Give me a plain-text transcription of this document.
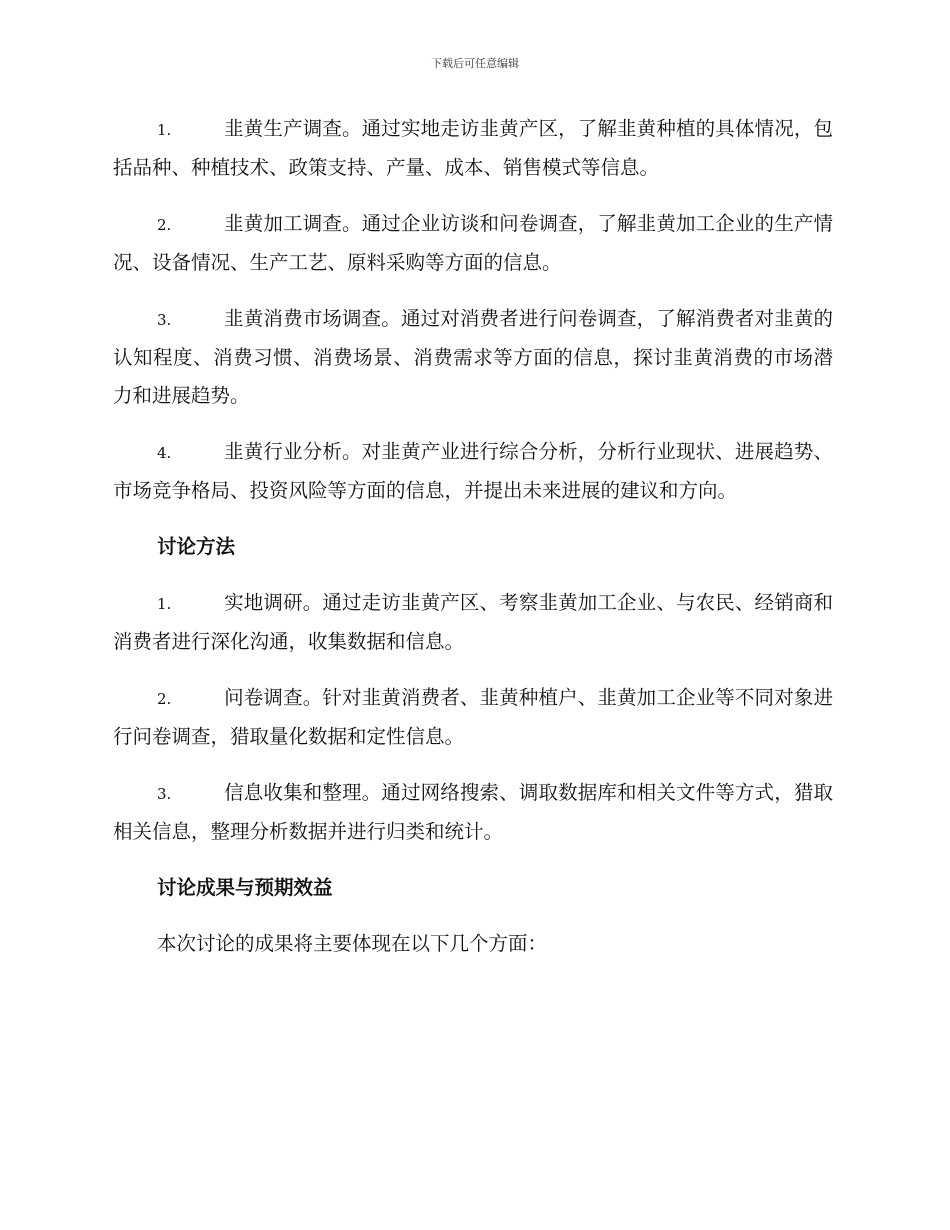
下载后可任意编辑

1.	韭黄生产调查。通过实地走访韭黄产区，了解韭黄种植的具体情况，包括品种、种植技术、政策支持、产量、成本、销售模式等信息。

2.	韭黄加工调查。通过企业访谈和问卷调查，了解韭黄加工企业的生产情况、设备情况、生产工艺、原料采购等方面的信息。

3.	韭黄消费市场调查。通过对消费者进行问卷调查，了解消费者对韭黄的认知程度、消费习惯、消费场景、消费需求等方面的信息，探讨韭黄消费的市场潜力和进展趋势。

4.	韭黄行业分析。对韭黄产业进行综合分析，分析行业现状、进展趋势、市场竞争格局、投资风险等方面的信息，并提出未来进展的建议和方向。

讨论方法

1.	实地调研。通过走访韭黄产区、考察韭黄加工企业、与农民、经销商和消费者进行深化沟通，收集数据和信息。

2.	问卷调查。针对韭黄消费者、韭黄种植户、韭黄加工企业等不同对象进行问卷调查，猎取量化数据和定性信息。

3.	信息收集和整理。通过网络搜索、调取数据库和相关文件等方式，猎取相关信息，整理分析数据并进行归类和统计。

讨论成果与预期效益

本次讨论的成果将主要体现在以下几个方面：
